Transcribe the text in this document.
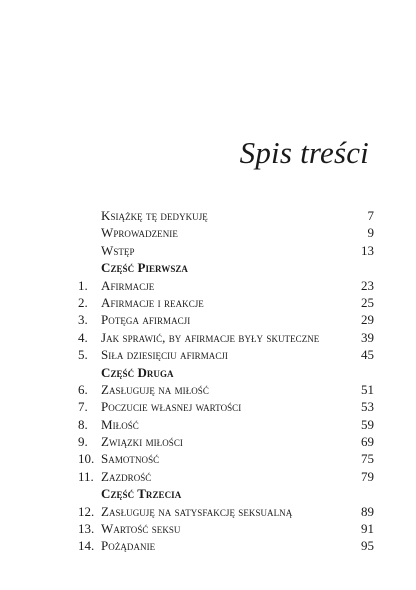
Spis treści
Książkę tę dedykuję	7
Wprowadzenie	9
Wstęp	13
Część Pierwsza
1.	Afirmacje	23
2.	Afirmacje i reakcje	25
3.	Potęga afirmacji	29
4.	Jak sprawić, by afirmacje były skuteczne	39
5.	Siła dziesięciu afirmacji	45
Część Druga
6.	Zasługuję na miłość	51
7.	Poczucie własnej wartości	53
8.	Miłość	59
9.	Związki miłości	69
10. Samotność	75
11. Zazdrość	79
Część Trzecia
12. Zasługuję na satysfakcję seksualną	89
13. Wartość seksu	91
14. Pożądanie	95
